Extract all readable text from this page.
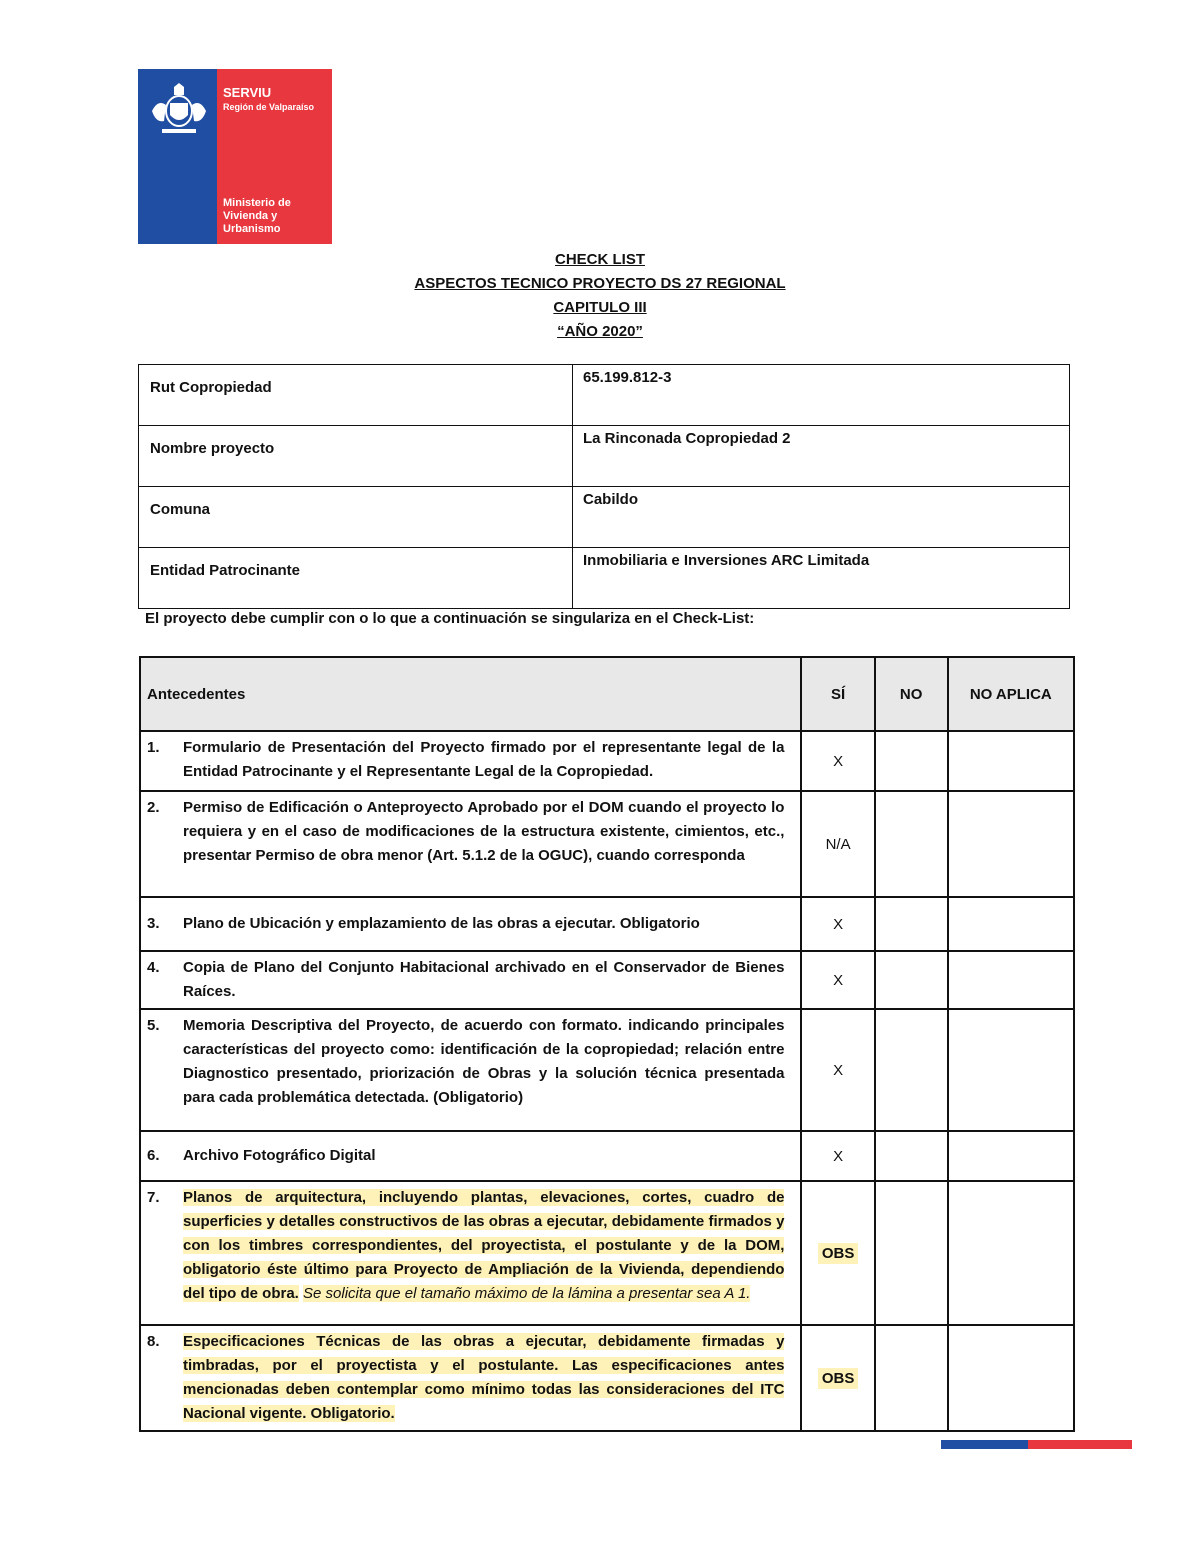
SERVIU
Región de Valparaíso
Ministerio de Vivienda y Urbanismo
CHECK LIST
ASPECTOS TECNICO PROYECTO DS 27 REGIONAL
CAPITULO III
“AÑO 2020”
Rut Copropiedad	65.199.812-3
Nombre proyecto	La Rinconada Copropiedad 2
Comuna	Cabildo
Entidad Patrocinante	Inmobiliaria e Inversiones ARC Limitada
El proyecto debe cumplir con o lo que a continuación se singulariza en el Check-List:
Antecedentes	SÍ	NO	NO APLICA

1. Formulario de Presentación del Proyecto firmado por el representante legal de la Entidad Patrocinante y el Representante Legal de la Copropiedad.	X		

2. Permiso de Edificación o Anteproyecto Aprobado por el DOM cuando el proyecto lo requiera y en el caso de modificaciones de la estructura existente, cimientos, etc., presentar Permiso de obra menor (Art. 5.1.2 de la OGUC), cuando corresponda	N/A		

3. Plano de Ubicación y emplazamiento de las obras a ejecutar. Obligatorio	X		

4. Copia de Plano del Conjunto Habitacional archivado en el Conservador de Bienes Raíces.	X		

5. Memoria Descriptiva del Proyecto, de acuerdo con formato. indicando principales características del proyecto como: identificación de la copropiedad; relación entre Diagnostico presentado, priorización de Obras y la solución técnica presentada para cada problemática detectada. (Obligatorio)	X		

6. Archivo Fotográfico Digital	X		

7. Planos de arquitectura, incluyendo plantas, elevaciones, cortes, cuadro de superficies y detalles constructivos de las obras a ejecutar, debidamente firmados y con los timbres correspondientes, del proyectista, el postulante y de la DOM, obligatorio éste último para Proyecto de Ampliación de la Vivienda, dependiendo del tipo de obra. Se solicita que el tamaño máximo de la lámina a presentar sea A 1.	OBS		

8. Especificaciones Técnicas de las obras a ejecutar, debidamente firmadas y timbradas, por el proyectista y el postulante. Las especificaciones antes mencionadas deben contemplar como mínimo todas las consideraciones del ITC Nacional vigente. Obligatorio.	OBS		
